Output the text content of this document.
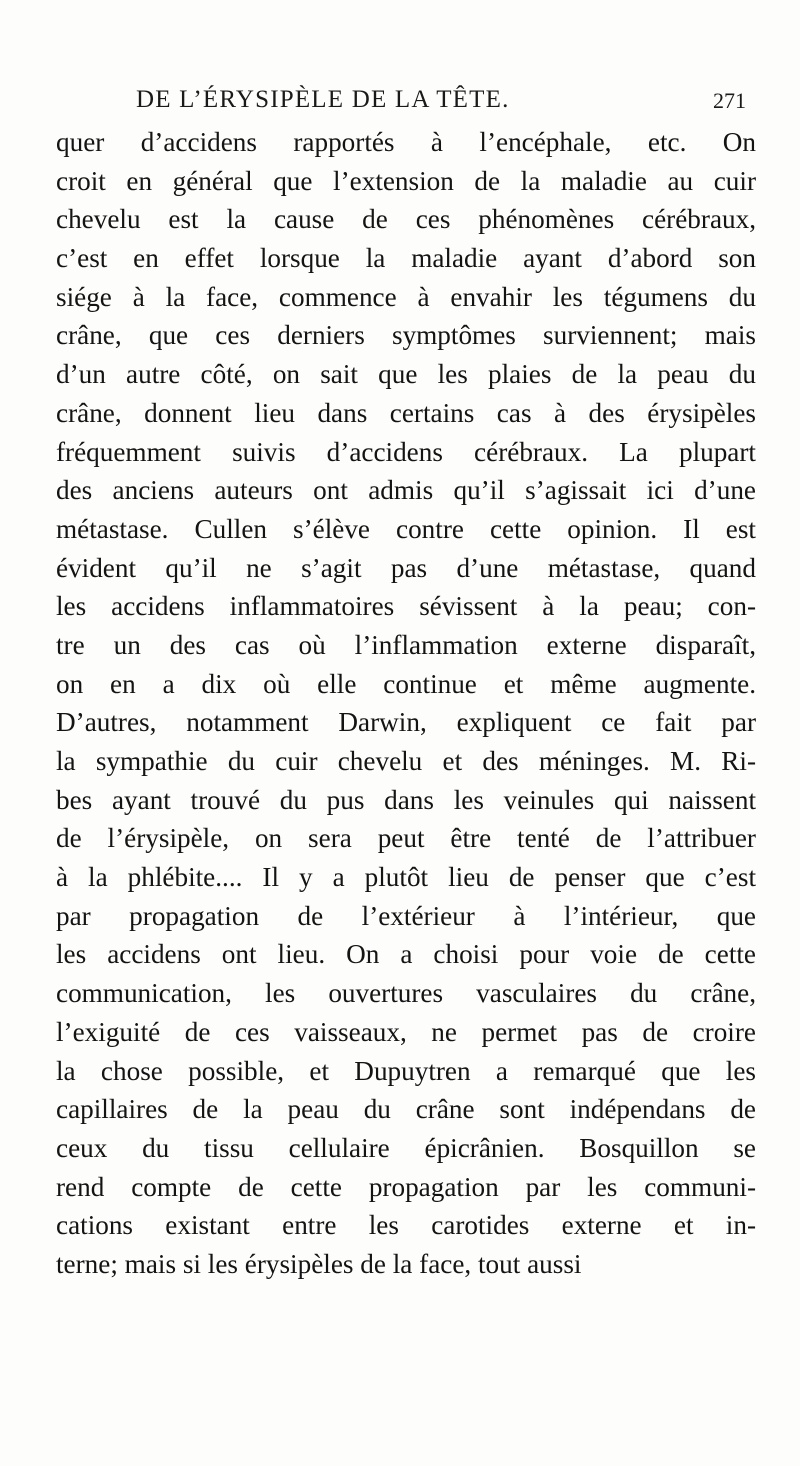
DE L’ÉRYSIPÈLE DE LA TÊTE.	271
quer d’accidens rapportés à l’encéphale, etc. On
croit en général que l’extension de la maladie au cuir
chevelu est la cause de ces phénomènes cérébraux,
c’est en effet lorsque la maladie ayant d’abord son
siége à la face, commence à envahir les tégumens du
crâne, que ces derniers symptômes surviennent; mais
d’un autre côté, on sait que les plaies de la peau du
crâne, donnent lieu dans certains cas à des érysipèles
fréquemment suivis d’accidens cérébraux. La plupart
des anciens auteurs ont admis qu’il s’agissait ici d’une
métastase. Cullen s’élève contre cette opinion. Il est
évident qu’il ne s’agit pas d’une métastase, quand
les accidens inflammatoires sévissent à la peau; con-
tre un des cas où l’inflammation externe disparaît,
on en a dix où elle continue et même augmente.
D’autres, notamment Darwin, expliquent ce fait par
la sympathie du cuir chevelu et des méninges. M. Ri-
bes ayant trouvé du pus dans les veinules qui naissent
de l’érysipèle, on sera peut être tenté de l’attribuer
à la phlébite.... Il y a plutôt lieu de penser que c’est
par propagation de l’extérieur à l’intérieur, que
les accidens ont lieu. On a choisi pour voie de cette
communication, les ouvertures vasculaires du crâne,
l’exiguité de ces vaisseaux, ne permet pas de croire
la chose possible, et Dupuytren a remarqué que les
capillaires de la peau du crâne sont indépendans de
ceux du tissu cellulaire épicrânien. Bosquillon se
rend compte de cette propagation par les communi-
cations existant entre les carotides externe et in-
terne; mais si les érysipèles de la face, tout aussi
